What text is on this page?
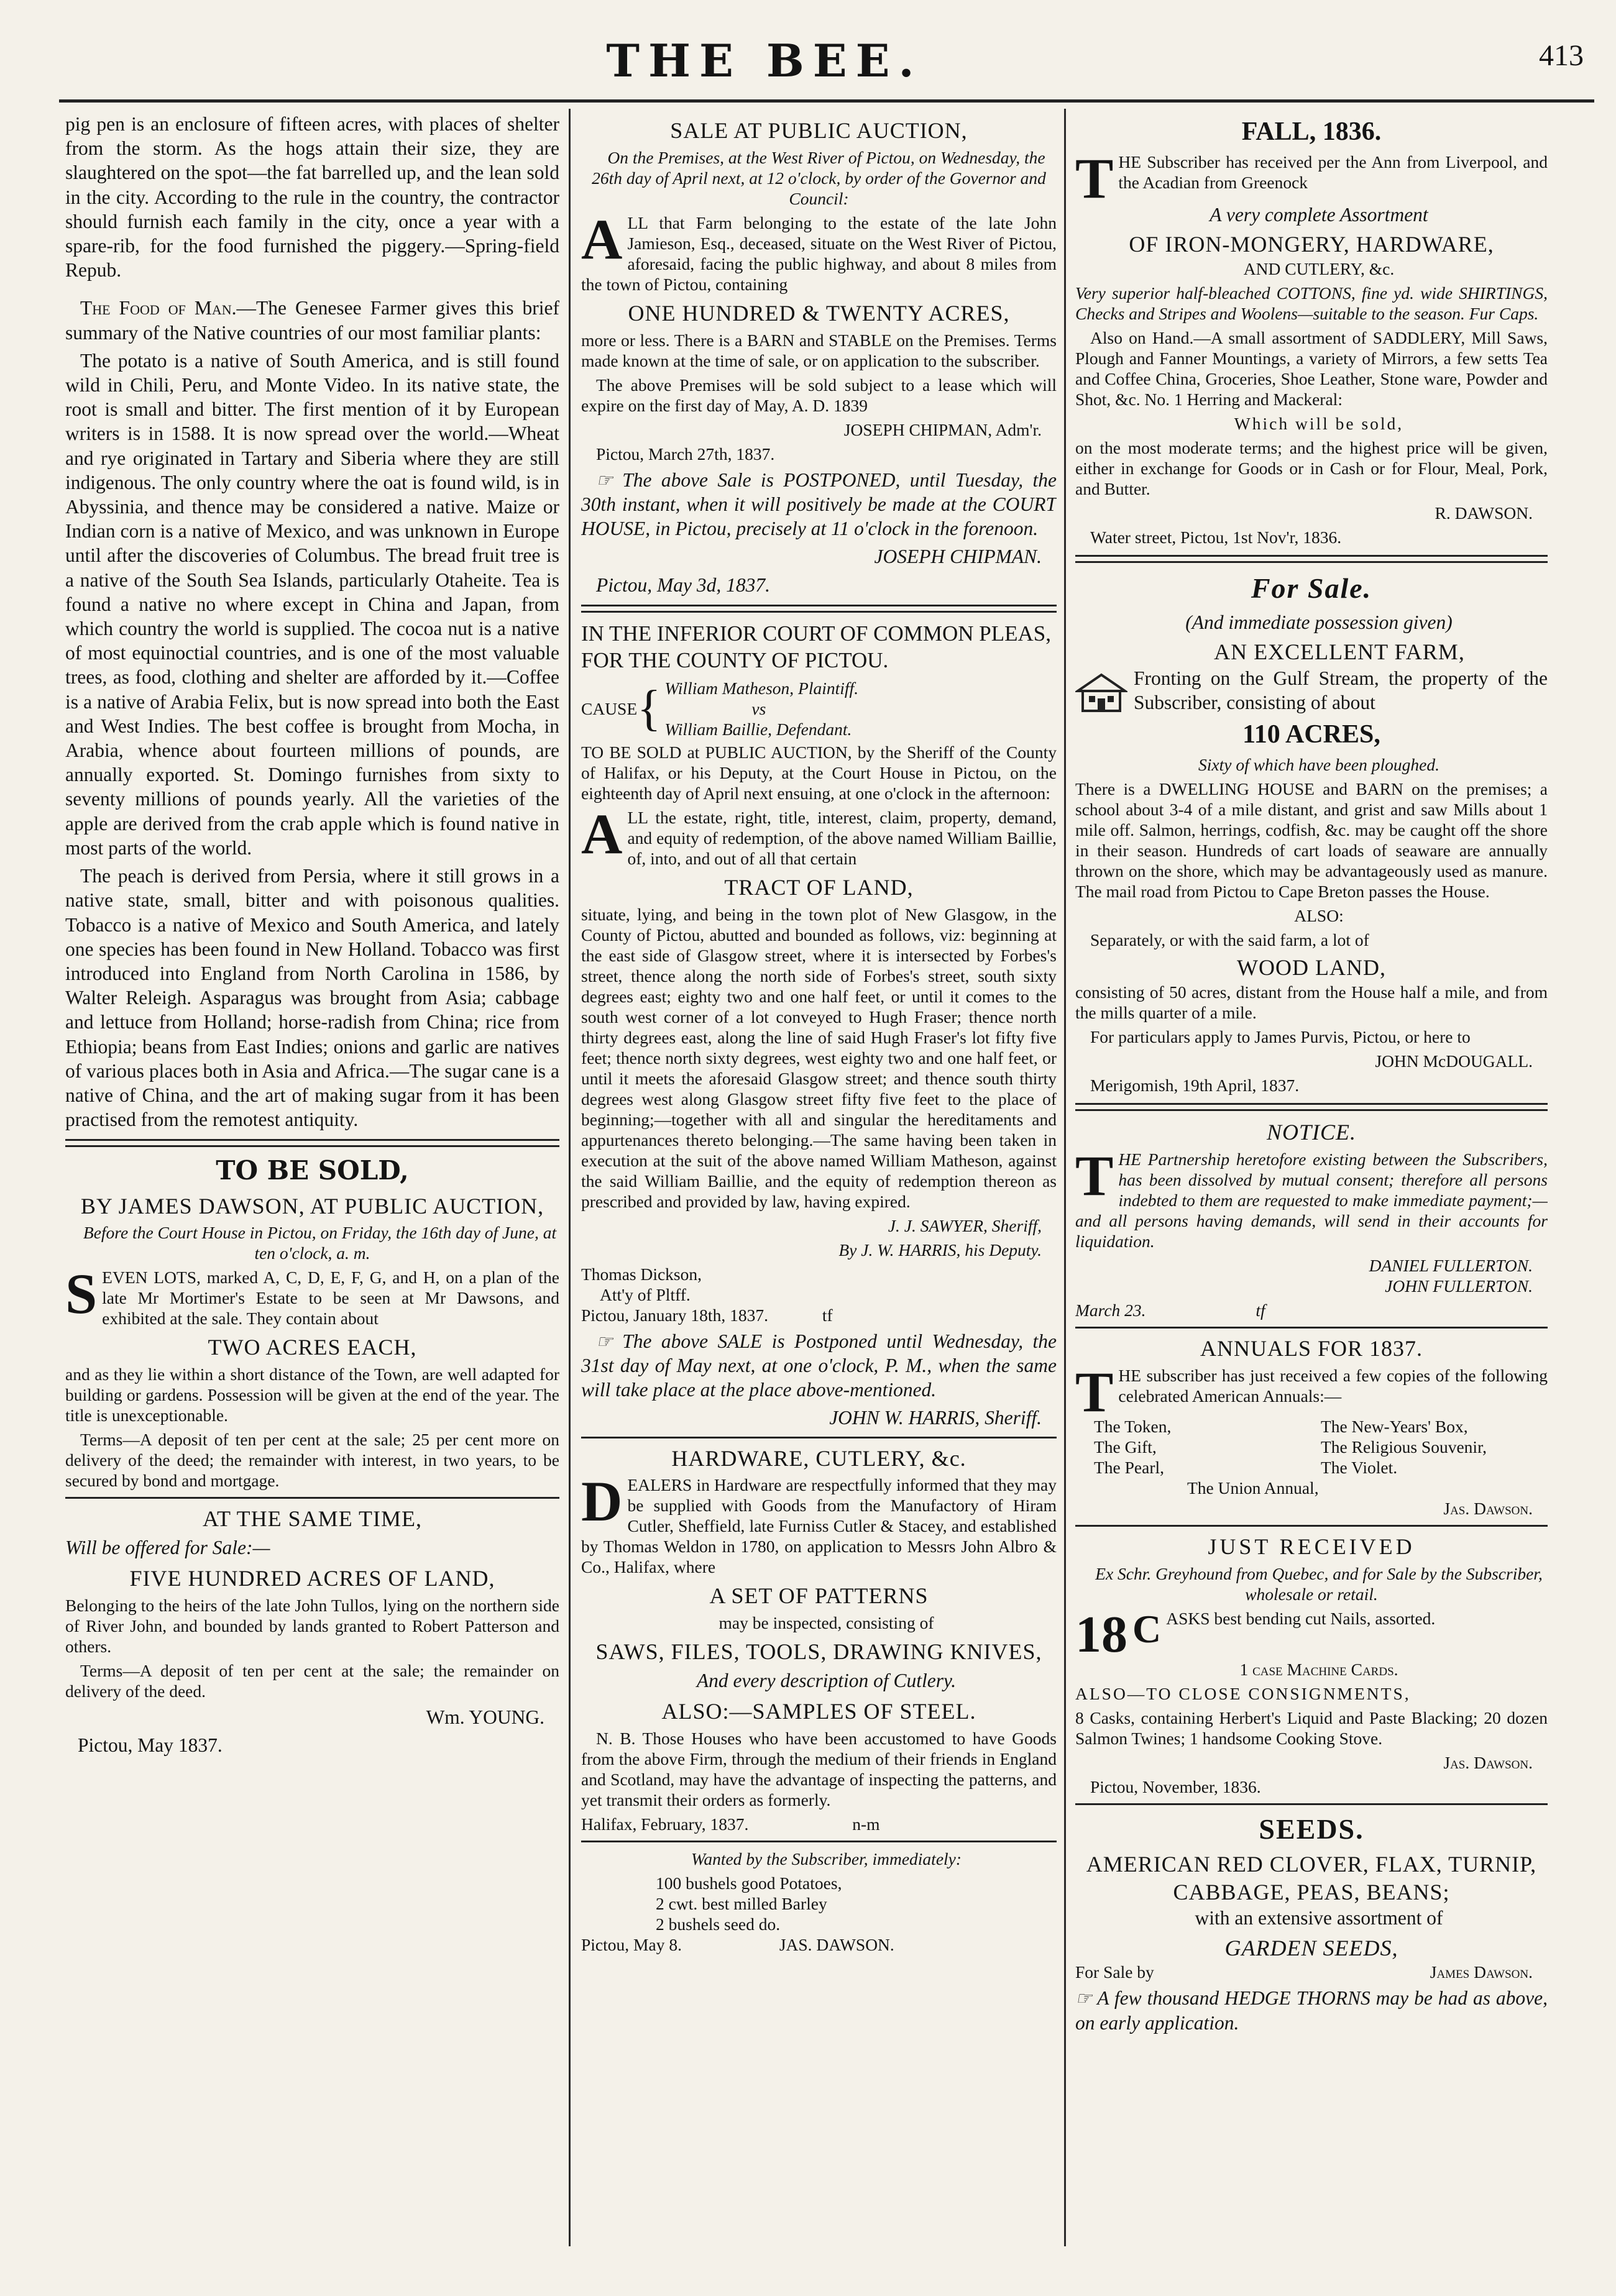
THE BEE.	413

pig pen is an enclosure of fifteen acres, with places of shelter from the storm. As the hogs attain their size, they are slaughtered on the spot—the fat barrelled up, and the lean sold in the city. According to the rule in the country, the contractor should furnish each family in the city, once a year with a spare-rib, for the food furnished the piggery.—Spring-field Repub.

The Food of Man.—The Genesee Farmer gives this brief summary of the Native countries of our most familiar plants:

The potato is a native of South America, and is still found wild in Chili, Peru, and Monte Video. In its native state, the root is small and bitter. The first mention of it by European writers is in 1588. It is now spread over the world.—Wheat and rye originated in Tartary and Siberia where they are still indigenous. The only country where the oat is found wild, is in Abyssinia, and thence may be considered a native. Maize or Indian corn is a native of Mexico, and was unknown in Europe until after the discoveries of Columbus. The bread fruit tree is a native of the South Sea Islands, particularly Otaheite. Tea is found a native no where except in China and Japan, from which country the world is supplied. The cocoa nut is a native of most equinoctial countries, and is one of the most valuable trees, as food, clothing and shelter are afforded by it.—Coffee is a native of Arabia Felix, but is now spread into both the East and West Indies. The best coffee is brought from Mocha, in Arabia, whence about fourteen millions of pounds, are annually exported. St. Domingo furnishes from sixty to seventy millions of pounds yearly. All the varieties of the apple are derived from the crab apple which is found native in most parts of the world.

The peach is derived from Persia, where it still grows in a native state, small, bitter and with poisonous qualities. Tobacco is a native of Mexico and South America, and lately one species has been found in New Holland. Tobacco was first introduced into England from North Carolina in 1586, by Walter Releigh. Asparagus was brought from Asia; cabbage and lettuce from Holland; horse-radish from China; rice from Ethiopia; beans from East Indies; onions and garlic are natives of various places both in Asia and Africa.—The sugar cane is a native of China, and the art of making sugar from it has been practised from the remotest antiquity.

TO BE SOLD,
BY JAMES DAWSON, AT PUBLIC AUCTION,

Before the Court House in Pictou, on Friday, the 16th day of June, at ten o'clock, a. m.

SEVEN LOTS, marked A, C, D, E, F, G, and H, on a plan of the late Mr Mortimer's Estate to be seen at Mr Dawsons, and exhibited at the sale. They contain about

TWO ACRES EACH,

and as they lie within a short distance of the Town, are well adapted for building or gardens. Possession will be given at the end of the year. The title is unexceptionable.

Terms—A deposit of ten per cent at the sale; 25 per cent more on delivery of the deed; the remainder with interest, in two years, to be secured by bond and mortgage.

AT THE SAME TIME,

Will be offered for Sale:—

FIVE HUNDRED ACRES OF LAND,

Belonging to the heirs of the late John Tullos, lying on the northern side of River John, and bounded by lands granted to Robert Patterson and others.

Terms—A deposit of ten per cent at the sale; the remainder on delivery of the deed.

Wm. YOUNG.

Pictou, May 1837.

SALE AT PUBLIC AUCTION,

On the Premises, at the West River of Pictou, on Wednesday, the 26th day of April next, at 12 o'clock, by order of the Governor and Council:

ALL that Farm belonging to the estate of the late John Jamieson, Esq., deceased, situate on the West River of Pictou, aforesaid, facing the public highway, and about 8 miles from the town of Pictou, containing

ONE HUNDRED & TWENTY ACRES,

more or less. There is a BARN and STABLE on the Premises. Terms made known at the time of sale, or on application to the subscriber.

The above Premises will be sold subject to a lease which will expire on the first day of May, A. D. 1839

JOSEPH CHIPMAN, Adm'r.

Pictou, March 27th, 1837.

☞ The above Sale is POSTPONED, until Tuesday, the 30th instant, when it will positively be made at the COURT HOUSE, in Pictou, precisely at 11 o'clock in the forenoon.

JOSEPH CHIPMAN.

Pictou, May 3d, 1837.

IN THE INFERIOR COURT OF COMMON PLEAS, FOR THE COUNTY OF PICTOU.

CAUSE { William Matheson, Plaintiff.
vs
William Baillie, Defendant.

TO BE SOLD at PUBLIC AUCTION, by the Sheriff of the County of Halifax, or his Deputy, at the Court House in Pictou, on the eighteenth day of April next ensuing, at one o'clock in the afternoon:

ALL the estate, right, title, interest, claim, property, demand, and equity of redemption, of the above named William Baillie, of, into, and out of all that certain

TRACT OF LAND,

situate, lying, and being in the town plot of New Glasgow, in the County of Pictou, abutted and bounded as follows, viz: beginning at the east side of Glasgow street, where it is intersected by Forbes's street, thence along the north side of Forbes's street, south sixty degrees east; eighty two and one half feet, or until it comes to the south west corner of a lot conveyed to Hugh Fraser; thence north thirty degrees east, along the line of said Hugh Fraser's lot fifty five feet; thence north sixty degrees, west eighty two and one half feet, or until it meets the aforesaid Glasgow street; and thence south thirty degrees west along Glasgow street fifty five feet to the place of beginning;—together with all and singular the hereditaments and appurtenances thereto belonging.—The same having been taken in execution at the suit of the above named William Matheson, against the said William Baillie, and the equity of redemption thereon as prescribed and provided by law, having expired.

J. J. SAWYER, Sheriff,

By J. W. HARRIS, his Deputy.

Thomas Dickson,

Att'y of Pltff.

Pictou, January 18th, 1837.	tf

☞ The above SALE is Postponed until Wednesday, the 31st day of May next, at one o'clock, P. M., when the same will take place at the place above-mentioned.

JOHN W. HARRIS, Sheriff.

HARDWARE, CUTLERY, &c.

DEALERS in Hardware are respectfully informed that they may be supplied with Goods from the Manufactory of Hiram Cutler, Sheffield, late Furniss Cutler & Stacey, and established by Thomas Weldon in 1780, on application to Messrs John Albro & Co., Halifax, where

A SET OF PATTERNS

may be inspected, consisting of

SAWS, FILES, TOOLS, DRAWING KNIVES,

And every description of Cutlery.

ALSO:—SAMPLES OF STEEL.

N. B. Those Houses who have been accustomed to have Goods from the above Firm, through the medium of their friends in England and Scotland, may have the advantage of inspecting the patterns, and yet transmit their orders as formerly.

Halifax, February, 1837.	n-m

Wanted by the Subscriber, immediately:

100 bushels good Potatoes,

2 cwt. best milled Barley

2 bushels seed do.

Pictou, May 8.	JAS. DAWSON.

FALL, 1836.

THE Subscriber has received per the Ann from Liverpool, and the Acadian from Greenock

A very complete Assortment

OF IRON-MONGERY, HARDWARE,

AND CUTLERY, &c.

Very superior half-bleached COTTONS, fine yd. wide SHIRTINGS, Checks and Stripes and Woolens—suitable to the season. Fur Caps.

Also on Hand.—A small assortment of SADDLERY, Mill Saws, Plough and Fanner Mountings, a variety of Mirrors, a few setts Tea and Coffee China, Groceries, Shoe Leather, Stone ware, Powder and Shot, &c. No. 1 Herring and Mackeral:

Which will be sold,

on the most moderate terms; and the highest price will be given, either in exchange for Goods or in Cash or for Flour, Meal, Pork, and Butter.

R. DAWSON.

Water street, Pictou, 1st Nov'r, 1836.

For Sale.

(And immediate possession given)

AN EXCELLENT FARM,

Fronting on the Gulf Stream, the property of the Subscriber, consisting of about

110 ACRES,

Sixty of which have been ploughed.

There is a DWELLING HOUSE and BARN on the premises; a school about 3-4 of a mile distant, and grist and saw Mills about 1 mile off. Salmon, herrings, codfish, &c. may be caught off the shore in their season. Hundreds of cart loads of seaware are annually thrown on the shore, which may be advantageously used as manure. The mail road from Pictou to Cape Breton passes the House.

ALSO:

Separately, or with the said farm, a lot of

WOOD LAND,

consisting of 50 acres, distant from the House half a mile, and from the mills quarter of a mile.

For particulars apply to James Purvis, Pictou, or here to

JOHN McDOUGALL.

Merigomish, 19th April, 1837.

NOTICE.

THE Partnership heretofore existing between the Subscribers, has been dissolved by mutual consent; therefore all persons indebted to them are requested to make immediate payment;—and all persons having demands, will send in their accounts for liquidation.

DANIEL FULLERTON.

JOHN FULLERTON.

March 23.	tf

ANNUALS FOR 1837.

THE subscriber has just received a few copies of the following celebrated American Annuals:—

The Token,	The New-Years' Box,
The Gift,	The Religious Souvenir,
The Pearl,	The Violet.

The Union Annual,

Jas. Dawson.

JUST RECEIVED

Ex Schr. Greyhound from Quebec, and for Sale by the Subscriber, wholesale or retail.

18 C ASKS best bending cut Nails, assorted.

1 case Machine Cards.

ALSO—TO CLOSE CONSIGNMENTS,

8 Casks, containing Herbert's Liquid and Paste Blacking; 20 dozen Salmon Twines; 1 handsome Cooking Stove.

Jas. Dawson.

Pictou, November, 1836.

SEEDS.
AMERICAN RED CLOVER, FLAX, TURNIP, CABBAGE, PEAS, BEANS;

with an extensive assortment of

GARDEN SEEDS,

For Sale by	James Dawson.

☞ A few thousand HEDGE THORNS may be had as above, on early application.
